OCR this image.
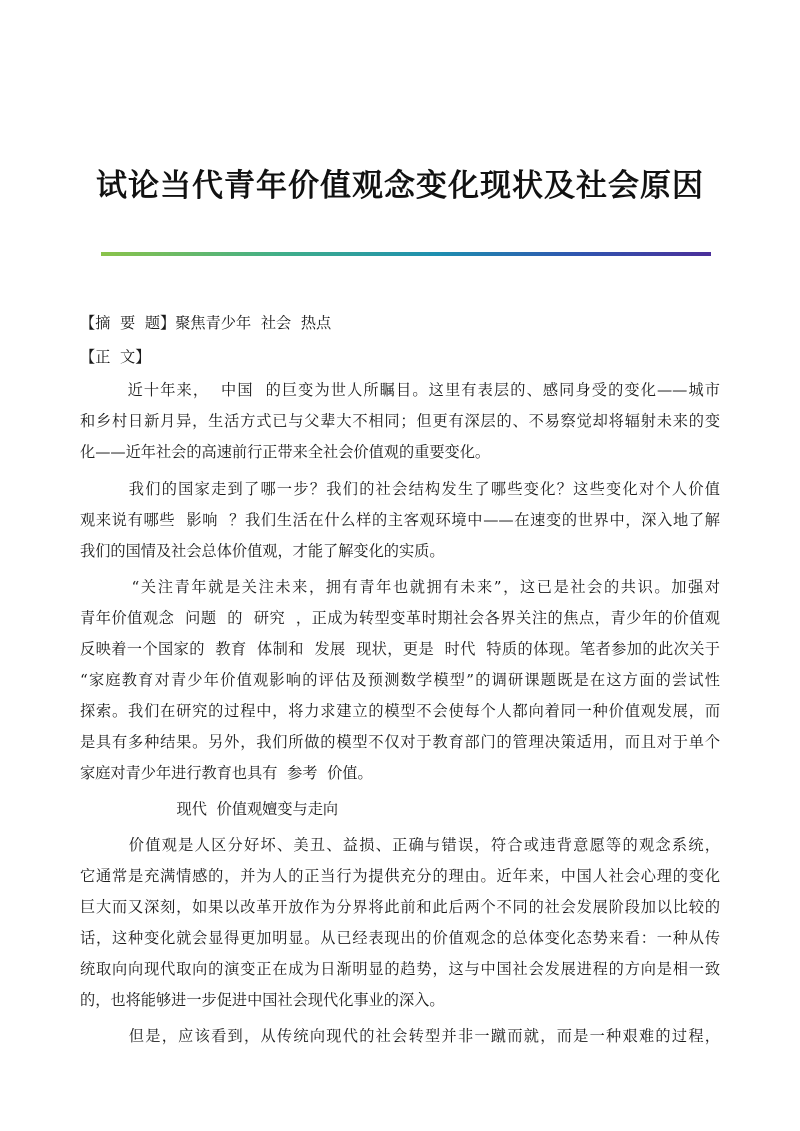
试论当代青年价值观念变化现状及社会原因
【摘  要  题】聚焦青少年  社会  热点
【正  文】
近十年来，  中国  的巨变为世人所瞩目。这里有表层的、感同身受的变化——城市
和乡村日新月异，生活方式已与父辈大不相同；但更有深层的、不易察觉却将辐射未来的变
化——近年社会的高速前行正带来全社会价值观的重要变化。
我们的国家走到了哪一步？我们的社会结构发生了哪些变化？这些变化对个人价值
观来说有哪些  影响  ？我们生活在什么样的主客观环境中——在速变的世界中，深入地了解
我们的国情及社会总体价值观，才能了解变化的实质。
“关注青年就是关注未来，拥有青年也就拥有未来”，这已是社会的共识。加强对
青年价值观念  问题  的  研究  ，正成为转型变革时期社会各界关注的焦点，青少年的价值观
反映着一个国家的  教育  体制和  发展  现状，更是  时代  特质的体现。笔者参加的此次关于
“家庭教育对青少年价值观影响的评估及预测数学模型”的调研课题既是在这方面的尝试性
探索。我们在研究的过程中，将力求建立的模型不会使每个人都向着同一种价值观发展，而
是具有多种结果。另外，我们所做的模型不仅对于教育部门的管理决策适用，而且对于单个
家庭对青少年进行教育也具有  参考  价值。
现代  价值观嬗变与走向
价值观是人区分好坏、美丑、益损、正确与错误，符合或违背意愿等的观念系统，
它通常是充满情感的，并为人的正当行为提供充分的理由。近年来，中国人社会心理的变化
巨大而又深刻，如果以改革开放作为分界将此前和此后两个不同的社会发展阶段加以比较的
话，这种变化就会显得更加明显。从已经表现出的价值观念的总体变化态势来看：一种从传
统取向向现代取向的演变正在成为日渐明显的趋势，这与中国社会发展进程的方向是相一致
的，也将能够进一步促进中国社会现代化事业的深入。
但是，应该看到，从传统向现代的社会转型并非一蹴而就，而是一种艰难的过程，
